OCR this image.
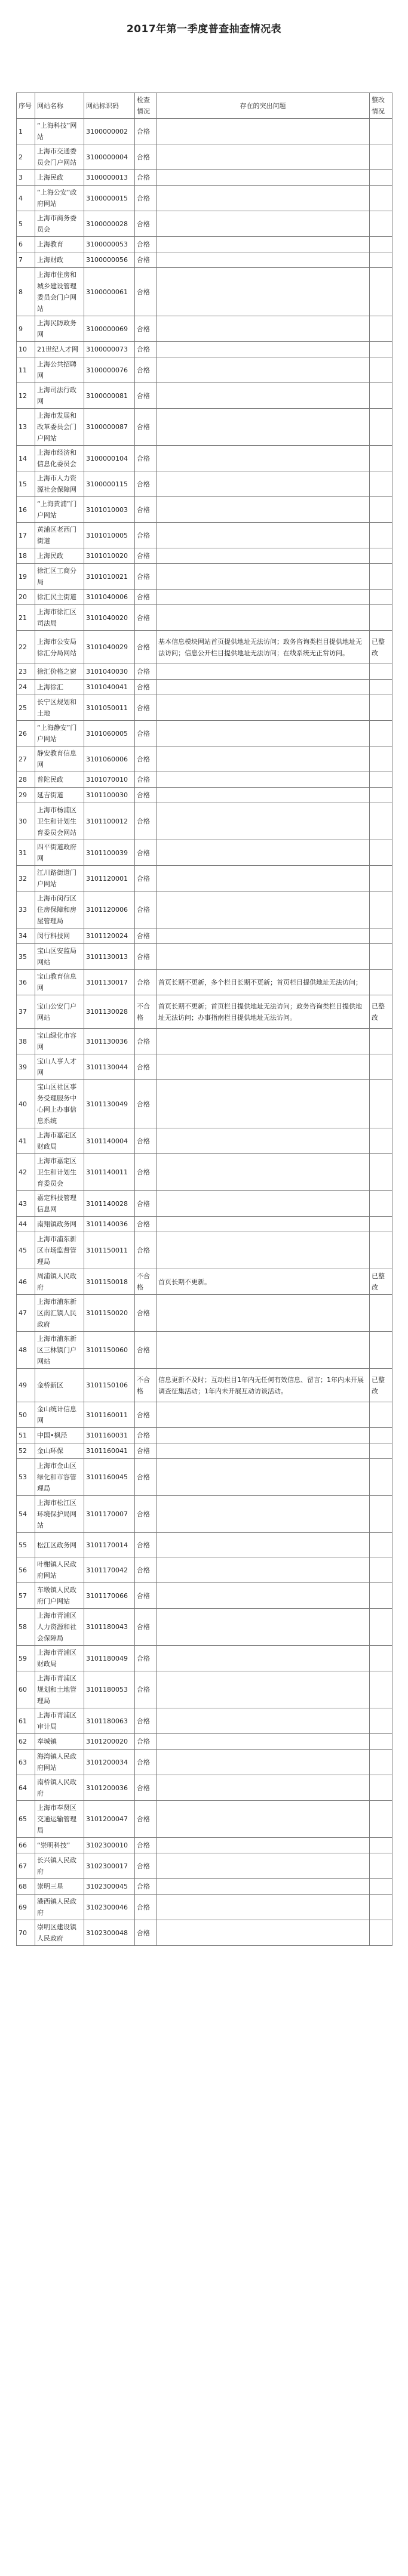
2017年第一季度普查抽查情况表
序号	网站名称	网站标识码	检查情况	存在的突出问题	整改情况
1	“上海科技”网站	3100000002	合格		
2	上海市交通委员会门户网站	3100000004	合格		
3	上海民政	3100000013	合格		
4	“上海公安”政府网站	3100000015	合格		
5	上海市商务委员会	3100000028	合格		
6	上海教育	3100000053	合格		
7	上海财政	3100000056	合格		
8	上海市住房和城乡建设管理委员会门户网站	3100000061	合格		
9	上海民防政务网	3100000069	合格		
10	21世纪人才网	3100000073	合格		
11	上海公共招聘网	3100000076	合格		
12	上海司法行政网	3100000081	合格		
13	上海市发展和改革委员会门户网站	3100000087	合格		
14	上海市经济和信息化委员会	3100000104	合格		
15	上海市人力资源社会保障网	3100000115	合格		
16	“上海黄浦”门户网站	3101010003	合格		
17	黄浦区老西门街道	3101010005	合格		
18	上海民政	3101010020	合格		
19	徐汇区工商分局	3101010021	合格		
20	徐汇民主街道	3101040006	合格		
21	上海市徐汇区司法局	3101040020	合格		
22	上海市公安局徐汇分局网站	3101040029	合格	基本信息模块网站首页提供地址无法访问；政务咨询类栏目提供地址无法访问；信息公开栏目提供地址无法访问；在线系统无正常访问。	已整改
23	徐汇价格之窗	3101040030	合格		
24	上海徐汇	3101040041	合格		
25	长宁区规划和土地	3101050011	合格		
26	“上海静安”门户网站	3101060005	合格		
27	静安教育信息网	3101060006	合格		
28	普陀民政	3101070010	合格		
29	延吉街道	3101100030	合格		
30	上海市杨浦区卫生和计划生育委员会网站	3101100012	合格		
31	四平街道政府网	3101100039	合格		
32	江川路街道门户网站	3101120001	合格		
33	上海市闵行区住房保障和房屋管理局	3101120006	合格		
34	闵行科技网	3101120024	合格		
35	宝山区安监局网站	3101130013	合格		
36	宝山教育信息网	3101130017	合格	首页长期不更新，多个栏目长期不更新；首页栏目提供地址无法访问；	
37	宝山公安门户网站	3101130028	不合格	首页长期不更新；首页栏目提供地址无法访问；政务咨询类栏目提供地址无法访问；办事指南栏目提供地址无法访问。	已整改
38	宝山绿化市容网	3101130036	合格		
39	宝山人事人才网	3101130044	合格		
40	宝山区社区事务受理服务中心网上办事信息系统	3101130049	合格		
41	上海市嘉定区财政局	3101140004	合格		
42	上海市嘉定区卫生和计划生育委员会	3101140011	合格		
43	嘉定科技管理信息网	3101140028	合格		
44	南翔镇政务网	3101140036	合格		
45	上海市浦东新区市场监督管理局	3101150011	合格		
46	周浦镇人民政府	3101150018	不合格	首页长期不更新。	已整改
47	上海市浦东新区南汇镇人民政府	3101150020	合格		
48	上海市浦东新区三林镇门户网站	3101150060	合格		
49	金桥新区	3101150106	不合格	信息更新不及时；互动栏目1年内无任何有效信息、留言；1年内未开展调查征集活动；1年内未开展互动访谈活动。	已整改
50	金山统计信息网	3101160011	合格		
51	中国•枫泾	3101160031	合格		
52	金山环保	3101160041	合格		
53	上海市金山区绿化和市容管理局	3101160045	合格		
54	上海市松江区环境保护局网站	3101170007	合格		
55	松江区政务网	3101170014	合格		
56	叶榭镇人民政府网站	3101170042	合格		
57	车墩镇人民政府门户网站	3101170066	合格		
58	上海市青浦区人力资源和社会保障局	3101180043	合格		
59	上海市青浦区财政局	3101180049	合格		
60	上海市青浦区规划和土地管理局	3101180053	合格		
61	上海市青浦区审计局	3101180063	合格		
62	奉城镇	3101200020	合格		
63	海湾镇人民政府网站	3101200034	合格		
64	南桥镇人民政府	3101200036	合格		
65	上海市奉贤区交通运输管理局	3101200047	合格		
66	“崇明科技”	3102300010	合格		
67	长兴镇人民政府	3102300017	合格		
68	崇明三星	3102300045	合格		
69	港西镇人民政府	3102300046	合格		
70	崇明区建设镇人民政府	3102300048	合格		
